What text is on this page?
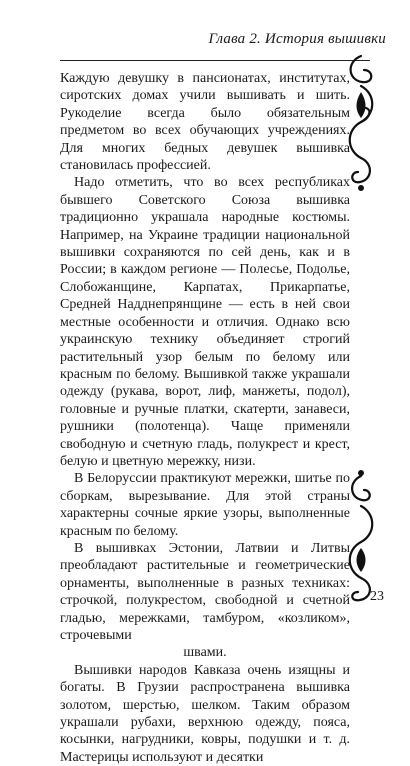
Глава 2. История вышивки

Каждую девушку в пансионатах, институтах, сиротских домах учили вышивать и шить. Рукоделие всегда было обязательным предметом во всех обучающих учреждениях. Для многих бедных девушек вышивка становилась профессией.

Надо отметить, что во всех республиках бывшего Советского Союза вышивка традиционно украшала народные костюмы. Например, на Украине традиции национальной вышивки сохраняются по сей день, как и в России; в каждом регионе — Полесье, Подолье, Слобожанщине, Карпатах, Прикарпатье, Средней Надднепрянщине — есть в ней свои местные особенности и отличия. Однако всю украинскую технику объединяет строгий растительный узор белым по белому или красным по белому. Вышивкой также украшали одежду (рукава, ворот, лиф, манжеты, подол), головные и ручные платки, скатерти, занавеси, рушники (полотенца). Чаще применяли свободную и счетную гладь, полукрест и крест, белую и цветную мережку, низи.

В Белоруссии практикуют мережки, шитье по сборкам, вырезывание. Для этой страны характерны сочные яркие узоры, выполненные красным по белому.

В вышивках Эстонии, Латвии и Литвы преобладают растительные и геометрические орнаменты, выполненные в разных техниках: строчкой, полукрестом, свободной и счетной гладью, мережками, тамбуром, «козликом», строчевыми

швами.

Вышивки народов Кавказа очень изящны и богаты. В Грузии распространена вышивка золотом, шерстью, шелком. Таким образом украшали рубахи, верхнюю одежду, пояса, косынки, нагрудники, ковры, подушки и т. д. Мастерицы используют и десятки

23
